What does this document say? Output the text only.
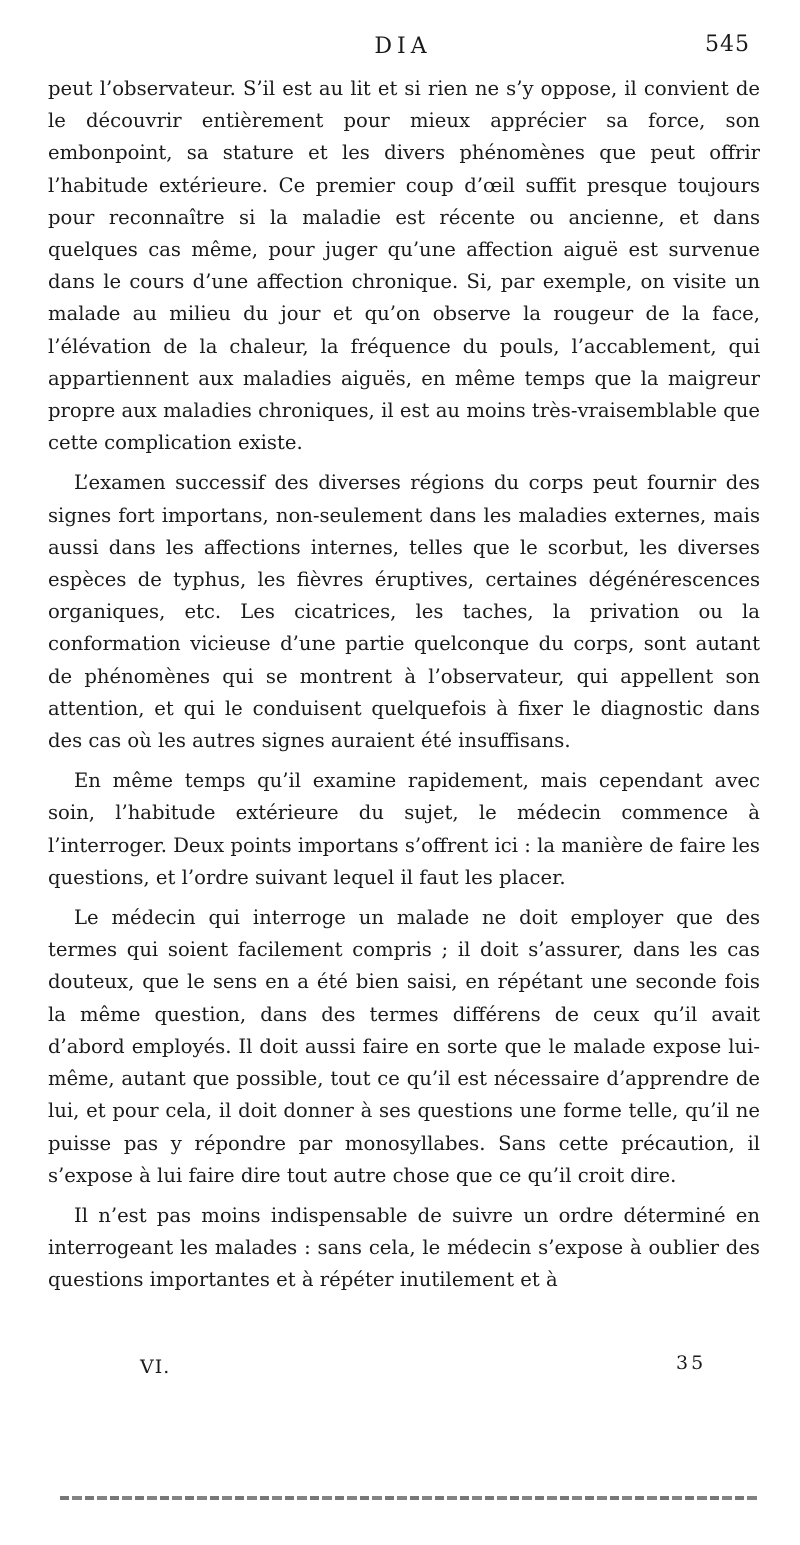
DIA	545

peut l’observateur. S’il est au lit et si rien ne s’y oppose, il convient de le découvrir entièrement pour mieux apprécier sa force, son embonpoint, sa stature et les divers phénomènes que peut offrir l’habitude extérieure. Ce premier coup d’œil suffit presque toujours pour reconnaître si la maladie est récente ou ancienne, et dans quelques cas même, pour juger qu’une affection aiguë est survenue dans le cours d’une affection chronique. Si, par exemple, on visite un malade au milieu du jour et qu’on observe la rougeur de la face, l’élévation de la chaleur, la fréquence du pouls, l’accablement, qui appartiennent aux maladies aiguës, en même temps que la maigreur propre aux maladies chroniques, il est au moins très-vraisemblable que cette complication existe.

L’examen successif des diverses régions du corps peut fournir des signes fort importans, non-seulement dans les maladies externes, mais aussi dans les affections internes, telles que le scorbut, les diverses espèces de typhus, les fièvres éruptives, certaines dégénérescences organiques, etc. Les cicatrices, les taches, la privation ou la conformation vicieuse d’une partie quelconque du corps, sont autant de phénomènes qui se montrent à l’observateur, qui appellent son attention, et qui le conduisent quelquefois à fixer le diagnostic dans des cas où les autres signes auraient été insuffisans.

En même temps qu’il examine rapidement, mais cependant avec soin, l’habitude extérieure du sujet, le médecin commence à l’interroger. Deux points importans s’offrent ici : la manière de faire les questions, et l’ordre suivant lequel il faut les placer.

Le médecin qui interroge un malade ne doit employer que des termes qui soient facilement compris ; il doit s’assurer, dans les cas douteux, que le sens en a été bien saisi, en répétant une seconde fois la même question, dans des termes différens de ceux qu’il avait d’abord employés. Il doit aussi faire en sorte que le malade expose lui-même, autant que possible, tout ce qu’il est nécessaire d’apprendre de lui, et pour cela, il doit donner à ses questions une forme telle, qu’il ne puisse pas y répondre par monosyllabes. Sans cette précaution, il s’expose à lui faire dire tout autre chose que ce qu’il croit dire.

Il n’est pas moins indispensable de suivre un ordre déterminé en interrogeant les malades : sans cela, le médecin s’expose à oublier des questions importantes et à répéter inutilement et à

VI.	35
